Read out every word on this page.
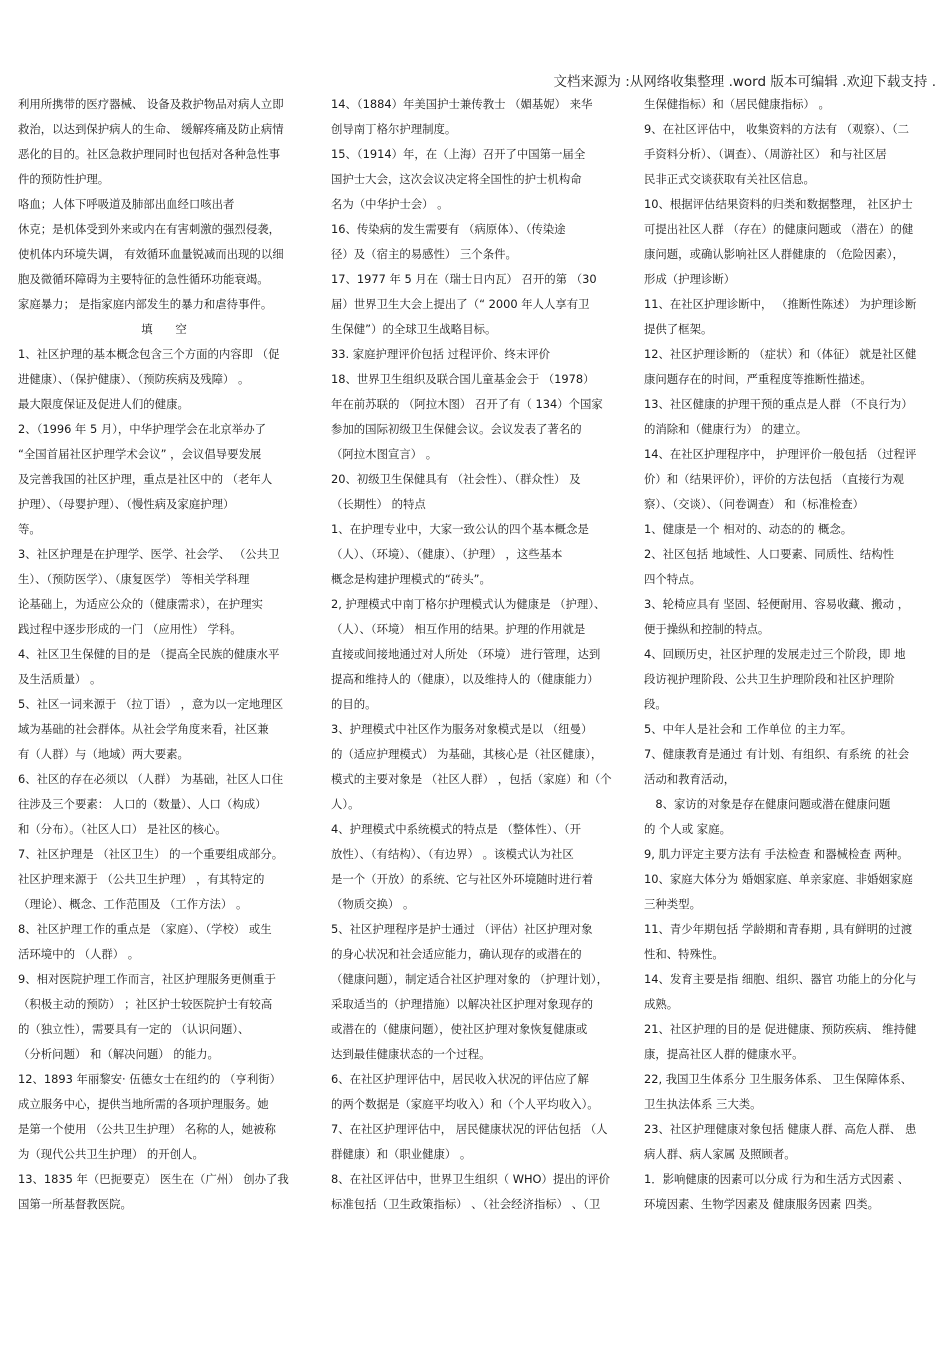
文档来源为 :从网络收集整理 .word 版本可编辑 .欢迎下载支持 .

利用所携带的医疗器械、 设备及救护物品对病人立即

救治，以达到保护病人的生命、 缓解疼痛及防止病情

恶化的目的。社区急救护理同时也包括对各种急性事

件的预防性护理。

咯血；人体下呼吸道及肺部出血经口咳出者

休克；是机体受到外来或内在有害刺激的强烈侵袭，

使机体内环境失调， 有效循环血量锐减而出现的以细

胞及微循环障碍为主要特征的急性循环功能衰竭。

家庭暴力； 是指家庭内部发生的暴力和虐待事件。

填　　空

1、社区护理的基本概念包含三个方面的内容即 （促

进健康）、（保护健康）、（预防疾病及残障） 。

最大限度保证及促进人们的健康。

2、（1996 年 5 月），中华护理学会在北京举办了

“全国首届社区护理学术会议” ，会议倡导要发展

及完善我国的社区护理，重点是社区中的 （老年人

护理）、（母婴护理）、（慢性病及家庭护理）

等。

3、社区护理是在护理学、医学、社会学、 （公共卫

生）、（预防医学）、（康复医学） 等相关学科理

论基础上，为适应公众的（健康需求），在护理实

践过程中逐步形成的一门 （应用性） 学科。

4、社区卫生保健的目的是 （提高全民族的健康水平

及生活质量） 。

5、社区一词来源于 （拉丁语） ，意为以一定地理区

域为基础的社会群体。从社会学角度来看，社区兼

有（人群）与（地域）两大要素。

6、社区的存在必须以 （人群） 为基础，社区人口住

往涉及三个要素： 人口的（数量）、人口（构成）

和（分布）。（社区人口） 是社区的核心。

7、社区护理是 （社区卫生） 的一个重要组成部分。

社区护理来源于 （公共卫生护理） ，有其特定的

（理论）、概念、工作范围及 （工作方法） 。

8、社区护理工作的重点是 （家庭）、（学校） 或生

活环境中的 （人群） 。

9、相对医院护理工作而言，社区护理服务更侧重于

（积极主动的预防） ；社区护士较医院护士有较高

的（独立性），需要具有一定的 （认识问题）、

（分析问题） 和（解决问题） 的能力。

12、1893 年丽黎安· 伍德女士在纽约的 （亨利街）

成立服务中心，提供当地所需的各项护理服务。她

是第一个使用 （公共卫生护理） 名称的人，她被称

为（现代公共卫生护理） 的开创人。

13、1835 年（巴扼要克） 医生在（广州） 创办了我

国第一所基督教医院。

14、（1884）年美国护士兼传教士 （媚基妮） 来华

创导南丁格尔护理制度。

15、（1914）年，在（上海）召开了中国第一届全

国护士大会，这次会议决定将全国性的护士机构命

名为（中华护士会） 。

16、传染病的发生需要有 （病原体）、（传染途

径）及（宿主的易感性） 三个条件。

17、1977 年 5 月在（瑞士日内瓦） 召开的第 （30

届）世界卫生大会上提出了（“ 2000 年人人享有卫

生保健”）的全球卫生战略目标。

33. 家庭护理评价包括 过程评价、终末评价

18、世界卫生组织及联合国儿童基金会于 （1978）

年在前苏联的 （阿拉木图） 召开了有（ 134）个国家

参加的国际初级卫生保健会议。会议发表了著名的

（阿拉木图宣言） 。

20、初级卫生保健具有 （社会性）、（群众性） 及

（长期性） 的特点

1、在护理专业中，大家一致公认的四个基本概念是

（人）、（环境）、（健康）、（护理） ，这些基本

概念是构建护理模式的“砖头”。

2, 护理模式中南丁格尔护理模式认为健康是 （护理）、

（人）、（环境） 相互作用的结果。护理的作用就是

直接或间接地通过对人所处 （环境） 进行管理，达到

提高和维持人的（健康），以及维持人的（健康能力）

的目的。

3、护理模式中社区作为服务对象模式是以 （纽曼）

的（适应护理模式） 为基础，其核心是（社区健康），

模式的主要对象是 （社区人群） ，包括（家庭）和（个

人）。

4、护理模式中系统模式的特点是 （整体性）、（开

放性）、（有结构）、（有边界） 。该模式认为社区

是一个（开放）的系统、它与社区外环境随时进行着

（物质交换） 。

5、社区护理程序是护士通过 （评估）社区护理对象

的身心状况和社会适应能力，确认现存的或潜在的

（健康问题），制定适合社区护理对象的 （护理计划），

采取适当的（护理措施）以解决社区护理对象现存的

或潜在的（健康问题），使社区护理对象恢复健康或

达到最佳健康状态的一个过程。

6、在社区护理评估中，居民收入状况的评估应了解

的两个数据是（家庭平均收入）和（个人平均收入）。

7、在社区护理评估中， 居民健康状况的评估包括 （人

群健康）和（职业健康） 。

8、在社区评估中，世界卫生组织（ WHO）提出的评价

标准包括（卫生政策指标） 、（社会经济指标） 、（卫

生保健指标）和（居民健康指标） 。

9、在社区评估中， 收集资料的方法有 （观察）、（二

手资料分析）、（调查）、（周游社区） 和与社区居

民非正式交谈获取有关社区信息。

10、根据评估结果资料的归类和数据整理， 社区护士

可提出社区人群 （存在）的健康问题或 （潜在）的健

康问题，或确认影响社区人群健康的 （危险因素），

形成（护理诊断）

11、在社区护理诊断中， （推断性陈述） 为护理诊断

提供了框架。

12、社区护理诊断的 （症状）和（体征） 就是社区健

康问题存在的时间，严重程度等推断性描述。

13、社区健康的护理干预的重点是人群 （不良行为）

的消除和（健康行为） 的建立。

14、在社区护理程序中， 护理评价一般包括 （过程评

价）和（结果评价），评价的方法包括 （直接行为观

察）、（交谈）、（问卷调查） 和（标准检查）

1、健康是一个 相对的、动态的的 概念。

2、社区包括 地域性、人口要素、同质性、结构性

四个特点。

3、轮椅应具有 坚固、轻便耐用、容易收藏、搬动 ，

便于操纵和控制的特点。

4、回顾历史，社区护理的发展走过三个阶段，即 地

段访视护理阶段、公共卫生护理阶段和社区护理阶

段。

5、中年人是社会和 工作单位 的主力军。

7、健康教育是通过 有计划、有组织、有系统 的社会

活动和教育活动，

　8、家访的对象是存在健康问题或潜在健康问题

的 个人或 家庭。

9, 肌力评定主要方法有 手法检查 和器械检查 两种。

10、家庭大体分为 婚姻家庭、单亲家庭、非婚姻家庭

三种类型。

11、青少年期包括 学龄期和青春期 , 具有鲜明的过渡

性和、特殊性。

14、发育主要是指 细胞、组织、器官 功能上的分化与

成熟。

21、社区护理的目的是 促进健康、预防疾病、 维持健

康，提高社区人群的健康水平。

22, 我国卫生体系分 卫生服务体系、 卫生保障体系、

卫生执法体系 三大类。

23、社区护理健康对象包括 健康人群、高危人群、 患

病人群、病人家属 及照顾者。

1．影响健康的因素可以分成 行为和生活方式因素 、

环境因素、生物学因素及 健康服务因素 四类。
